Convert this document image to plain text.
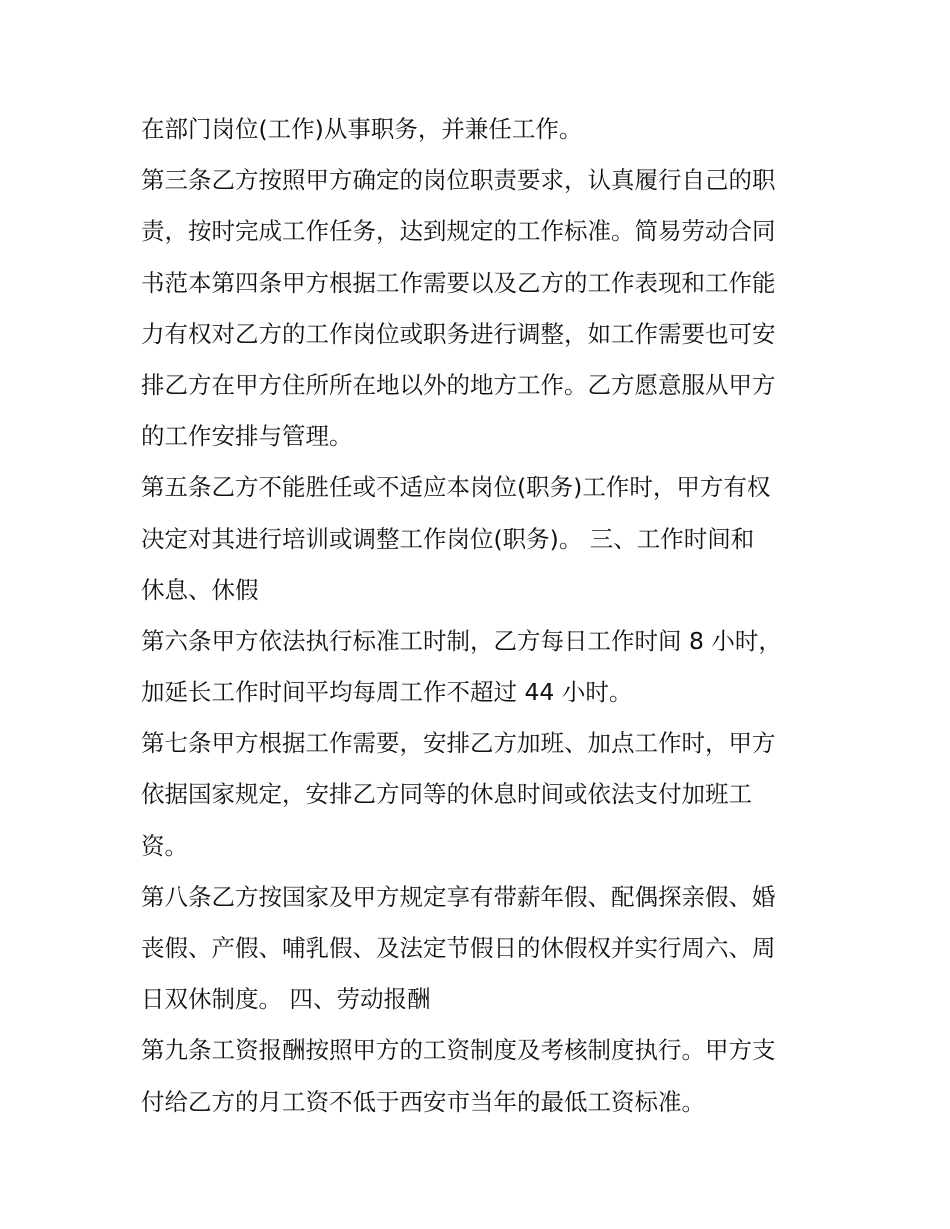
在部门岗位(工作)从事职务，并兼任工作。
第三条乙方按照甲方确定的岗位职责要求，认真履行自己的职
责，按时完成工作任务，达到规定的工作标准。简易劳动合同
书范本第四条甲方根据工作需要以及乙方的工作表现和工作能
力有权对乙方的工作岗位或职务进行调整，如工作需要也可安
排乙方在甲方住所所在地以外的地方工作。乙方愿意服从甲方
的工作安排与管理。
第五条乙方不能胜任或不适应本岗位(职务)工作时，甲方有权
决定对其进行培训或调整工作岗位(职务)。 三、工作时间和
休息、休假
第六条甲方依法执行标准工时制，乙方每日工作时间 8 小时，
加延长工作时间平均每周工作不超过 44 小时。
第七条甲方根据工作需要，安排乙方加班、加点工作时，甲方
依据国家规定，安排乙方同等的休息时间或依法支付加班工
资。
第八条乙方按国家及甲方规定享有带薪年假、配偶探亲假、婚
丧假、产假、哺乳假、及法定节假日的休假权并实行周六、周
日双休制度。 四、劳动报酬
第九条工资报酬按照甲方的工资制度及考核制度执行。甲方支
付给乙方的月工资不低于西安市当年的最低工资标准。
